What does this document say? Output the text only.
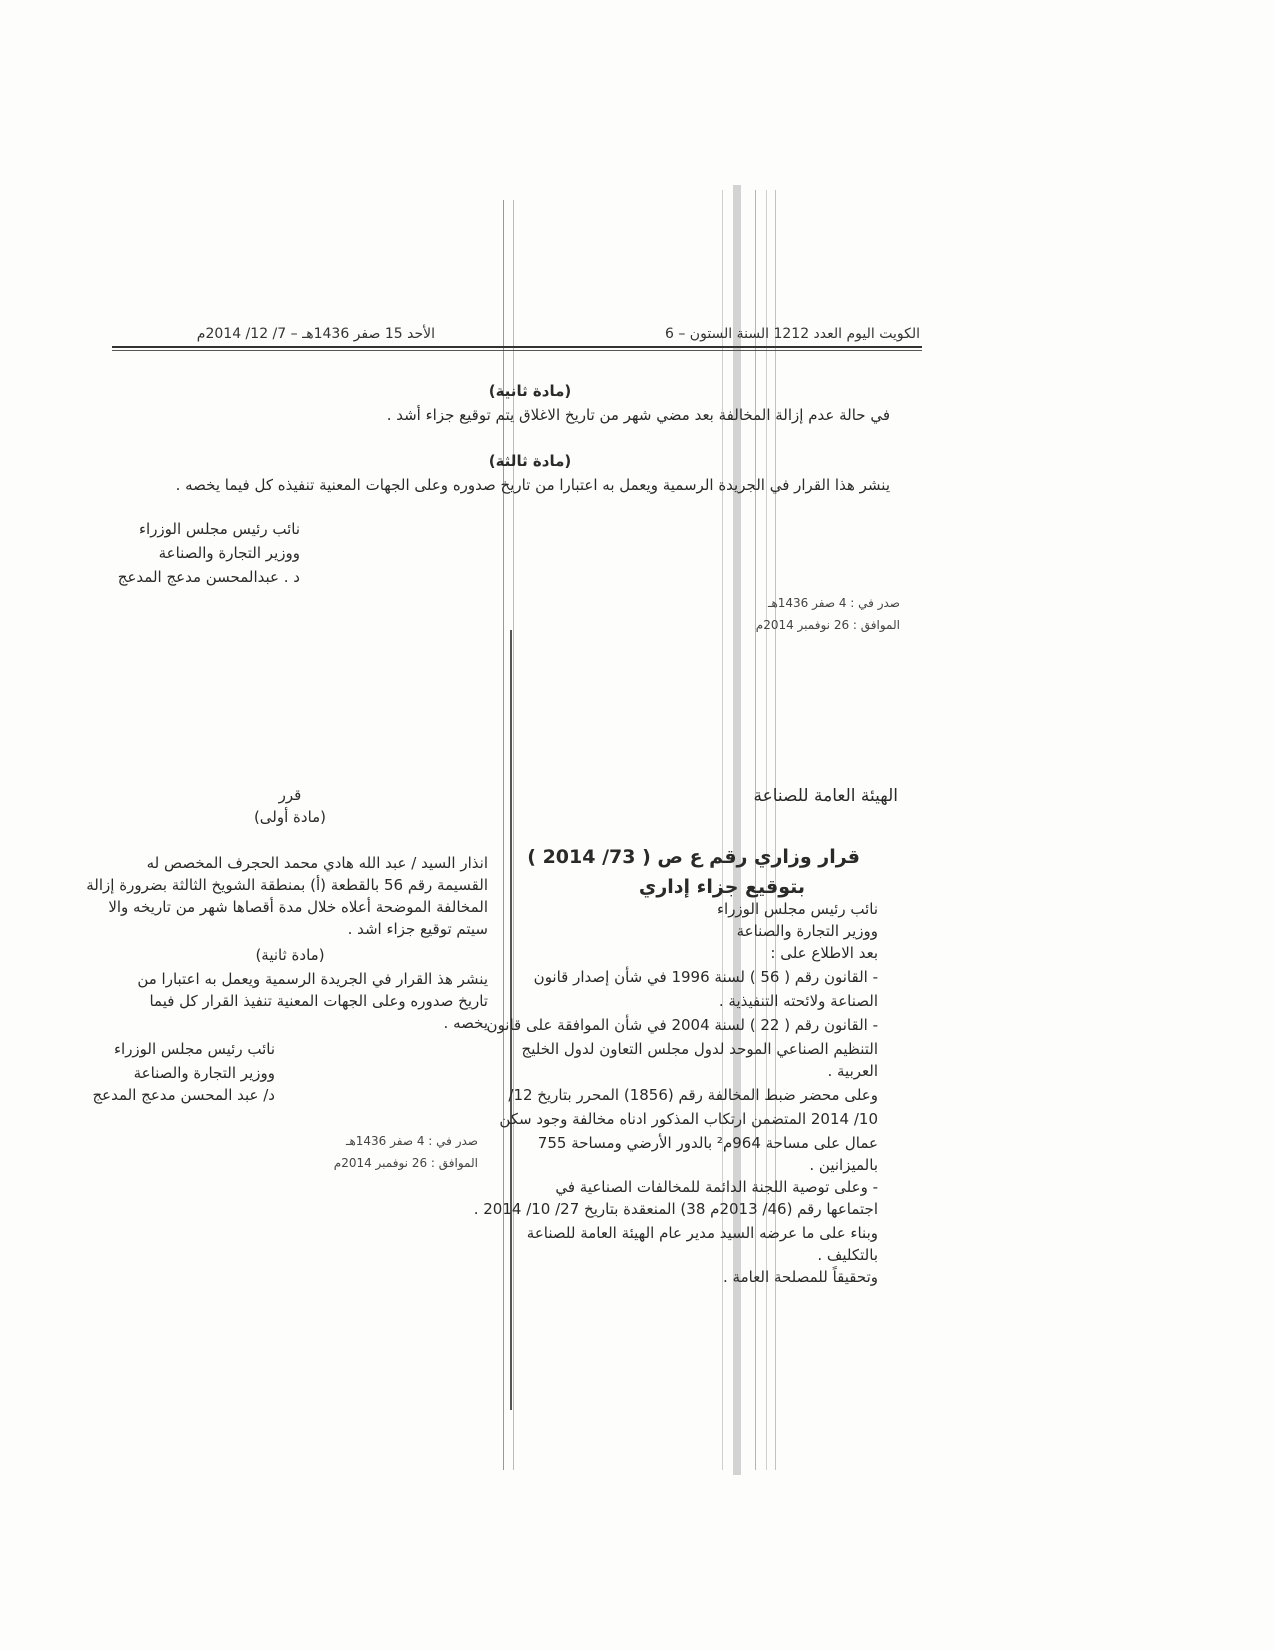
الكويت اليوم العدد 1212 السنة الستون – 6
الأحد 15 صفر 1436هـ – 7/ 12/ 2014م
(مادة ثانية)
في حالة عدم إزالة المخالفة بعد مضي شهر من تاريخ الاغلاق يتم توقيع جزاء أشد .
(مادة ثالثة)
ينشر هذا القرار في الجريدة الرسمية ويعمل به اعتبارا من تاريخ صدوره وعلى الجهات المعنية تنفيذه كل فيما يخصه .
نائب رئيس مجلس الوزراء
ووزير التجارة والصناعة
د . عبدالمحسن مدعج المدعج
صدر في : 4 صفر 1436هـ
الموافق : 26 نوفمبر 2014م
الهيئة العامة للصناعة
قرار وزاري رقم ع ص ( 73/ 2014 )
بتوقيع جزاء إداري
نائب رئيس مجلس الوزراء
ووزير التجارة والصناعة
بعد الاطلاع على :
- القانون رقم ( 56 ) لسنة 1996 في شأن إصدار قانون
الصناعة ولائحته التنفيذية .
- القانون رقم ( 22 ) لسنة 2004 في شأن الموافقة على قانون
التنظيم الصناعي الموحد لدول مجلس التعاون لدول الخليج
العربية .
وعلى محضر ضبط المخالفة رقم (1856) المحرر بتاريخ 12/
10/ 2014 المتضمن ارتكاب المذكور ادناه مخالفة وجود سكن
عمال على مساحة 964م² بالدور الأرضي ومساحة 755
بالميزانين .
- وعلى توصية اللجنة الدائمة للمخالفات الصناعية في
اجتماعها رقم (46/ 2013م 38) المنعقدة بتاريخ 27/ 10/ 2014 .
وبناء على ما عرضه السيد مدير عام الهيئة العامة للصناعة
بالتكليف .
وتحقيقاً للمصلحة العامة .
قرر
(مادة أولى)
انذار السيد / عبد الله هادي محمد الحجرف المخصص له
القسيمة رقم 56 بالقطعة (أ) بمنطقة الشويخ الثالثة بضرورة إزالة
المخالفة الموضحة أعلاه خلال مدة أقصاها شهر من تاريخه والا
سيتم توقيع جزاء اشد .
(مادة ثانية)
ينشر هذ القرار في الجريدة الرسمية ويعمل به اعتبارا من
تاريخ صدوره وعلى الجهات المعنية تنفيذ القرار كل فيما
يخصه .
نائب رئيس مجلس الوزراء
ووزير التجارة والصناعة
د/ عبد المحسن مدعج المدعج
صدر في : 4 صفر 1436هـ
الموافق : 26 نوفمبر 2014م
